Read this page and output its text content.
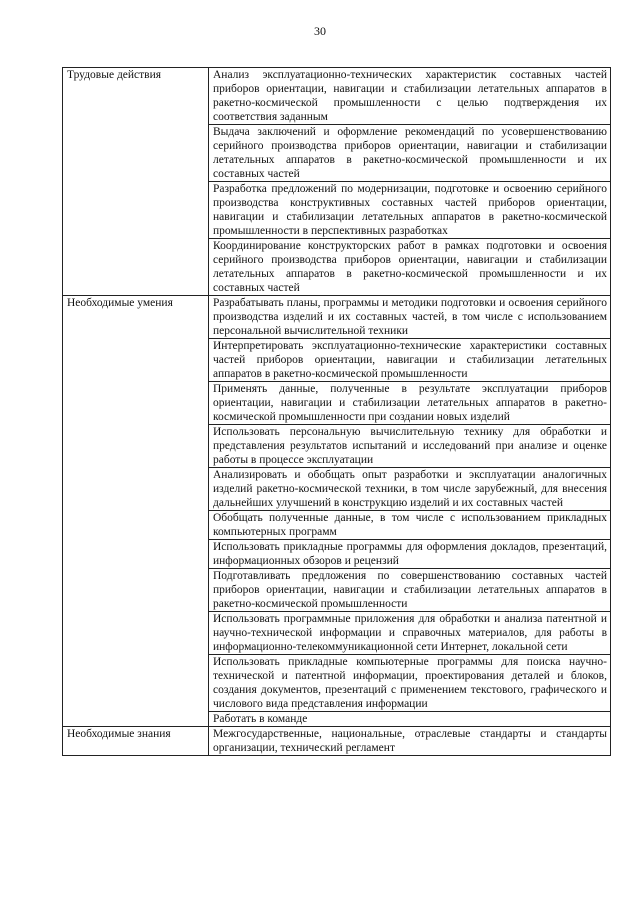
30
Трудовые действия	Анализ эксплуатационно-технических характеристик составных частей приборов ориентации, навигации и стабилизации летательных аппаратов в ракетно-космической промышленности с целью подтверждения их соответствия заданным
	Выдача заключений и оформление рекомендаций по усовершенствованию серийного производства приборов ориентации, навигации и стабилизации летательных аппаратов в ракетно-космической промышленности и их составных частей
	Разработка предложений по модернизации, подготовке и освоению серийного производства конструктивных составных частей приборов ориентации, навигации и стабилизации летательных аппаратов в ракетно-космической промышленности в перспективных разработках
	Координирование конструкторских работ в рамках подготовки и освоения серийного производства приборов ориентации, навигации и стабилизации летательных аппаратов в ракетно-космической промышленности и их составных частей

Необходимые умения	Разрабатывать планы, программы и методики подготовки и освоения серийного производства изделий и их составных частей, в том числе с использованием персональной вычислительной техники
	Интерпретировать эксплуатационно-технические характеристики составных частей приборов ориентации, навигации и стабилизации летательных аппаратов в ракетно-космической промышленности
	Применять данные, полученные в результате эксплуатации приборов ориентации, навигации и стабилизации летательных аппаратов в ракетно-космической промышленности при создании новых изделий
	Использовать персональную вычислительную технику для обработки и представления результатов испытаний и исследований при анализе и оценке работы в процессе эксплуатации
	Анализировать и обобщать опыт разработки и эксплуатации аналогичных изделий ракетно-космической техники, в том числе зарубежный, для внесения дальнейших улучшений в конструкцию изделий и их составных частей
	Обобщать полученные данные, в том числе с использованием прикладных компьютерных программ
	Использовать прикладные программы для оформления докладов, презентаций, информационных обзоров и рецензий
	Подготавливать предложения по совершенствованию составных частей приборов ориентации, навигации и стабилизации летательных аппаратов в ракетно-космической промышленности
	Использовать программные приложения для обработки и анализа патентной и научно-технической информации и справочных материалов, для работы в информационно-телекоммуникационной сети Интернет, локальной сети
	Использовать прикладные компьютерные программы для поиска научно-технической и патентной информации, проектирования деталей и блоков, создания документов, презентаций с применением текстового, графического и числового вида представления информации
	Работать в команде

Необходимые знания	Межгосударственные, национальные, отраслевые стандарты и стандарты организации, технический регламент
